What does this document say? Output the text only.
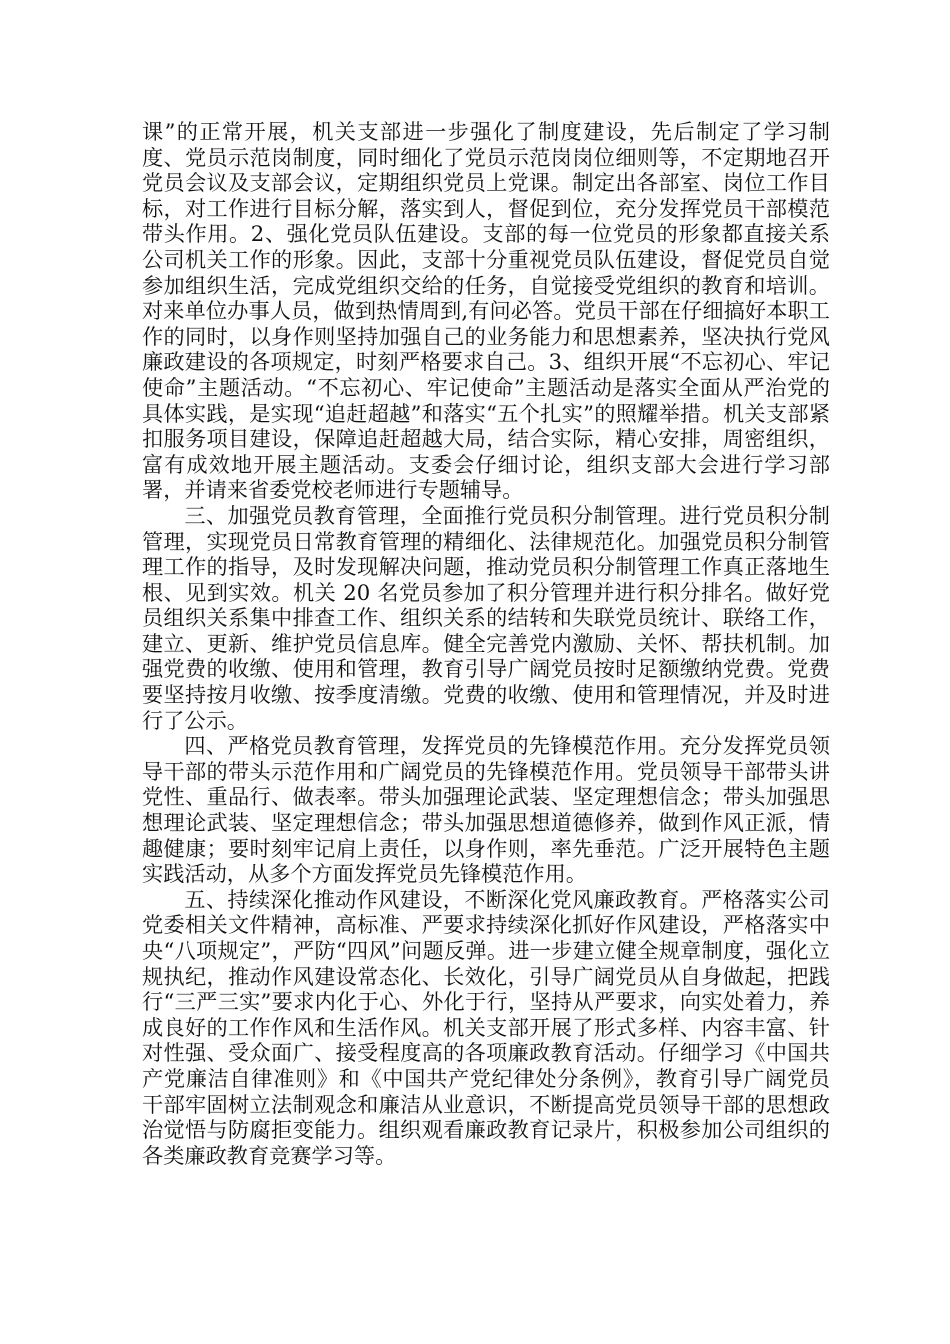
课”的正常开展，机关支部进一步强化了制度建设，先后制定了学习制度、党员示范岗制度，同时细化了党员示范岗岗位细则等，不定期地召开党员会议及支部会议，定期组织党员上党课。制定出各部室、岗位工作目标，对工作进行目标分解，落实到人，督促到位，充分发挥党员干部模范带头作用。2、强化党员队伍建设。支部的每一位党员的形象都直接关系公司机关工作的形象。因此，支部十分重视党员队伍建设，督促党员自觉参加组织生活，完成党组织交给的任务，自觉接受党组织的教育和培训。对来单位办事人员，做到热情周到,有问必答。党员干部在仔细搞好本职工作的同时，以身作则坚持加强自己的业务能力和思想素养，坚决执行党风廉政建设的各项规定，时刻严格要求自己。3、组织开展“不忘初心、牢记使命”主题活动。“不忘初心、牢记使命”主题活动是落实全面从严治党的具体实践，是实现“追赶超越”和落实“五个扎实”的照耀举措。机关支部紧扣服务项目建设，保障追赶超越大局，结合实际，精心安排，周密组织，富有成效地开展主题活动。支委会仔细讨论，组织支部大会进行学习部署，并请来省委党校老师进行专题辅导。

三、加强党员教育管理，全面推行党员积分制管理。进行党员积分制管理，实现党员日常教育管理的精细化、法律规范化。加强党员积分制管理工作的指导，及时发现解决问题，推动党员积分制管理工作真正落地生根、见到实效。机关 20 名党员参加了积分管理并进行积分排名。做好党员组织关系集中排查工作、组织关系的结转和失联党员统计、联络工作，建立、更新、维护党员信息库。健全完善党内激励、关怀、帮扶机制。加强党费的收缴、使用和管理，教育引导广阔党员按时足额缴纳党费。党费要坚持按月收缴、按季度清缴。党费的收缴、使用和管理情况，并及时进行了公示。

四、严格党员教育管理，发挥党员的先锋模范作用。充分发挥党员领导干部的带头示范作用和广阔党员的先锋模范作用。党员领导干部带头讲党性、重品行、做表率。带头加强理论武装、坚定理想信念；带头加强思想理论武装、坚定理想信念；带头加强思想道德修养，做到作风正派，情趣健康；要时刻牢记肩上责任，以身作则，率先垂范。广泛开展特色主题实践活动，从多个方面发挥党员先锋模范作用。

五、持续深化推动作风建设，不断深化党风廉政教育。严格落实公司党委相关文件精神，高标准、严要求持续深化抓好作风建设，严格落实中央“八项规定”，严防“四风”问题反弹。进一步建立健全规章制度，强化立规执纪，推动作风建设常态化、长效化，引导广阔党员从自身做起，把践行“三严三实”要求内化于心、外化于行，坚持从严要求，向实处着力，养成良好的工作作风和生活作风。机关支部开展了形式多样、内容丰富、针对性强、受众面广、接受程度高的各项廉政教育活动。仔细学习《中国共产党廉洁自律准则》和《中国共产党纪律处分条例》，教育引导广阔党员干部牢固树立法制观念和廉洁从业意识，不断提高党员领导干部的思想政治觉悟与防腐拒变能力。组织观看廉政教育记录片，积极参加公司组织的各类廉政教育竞赛学习等。
